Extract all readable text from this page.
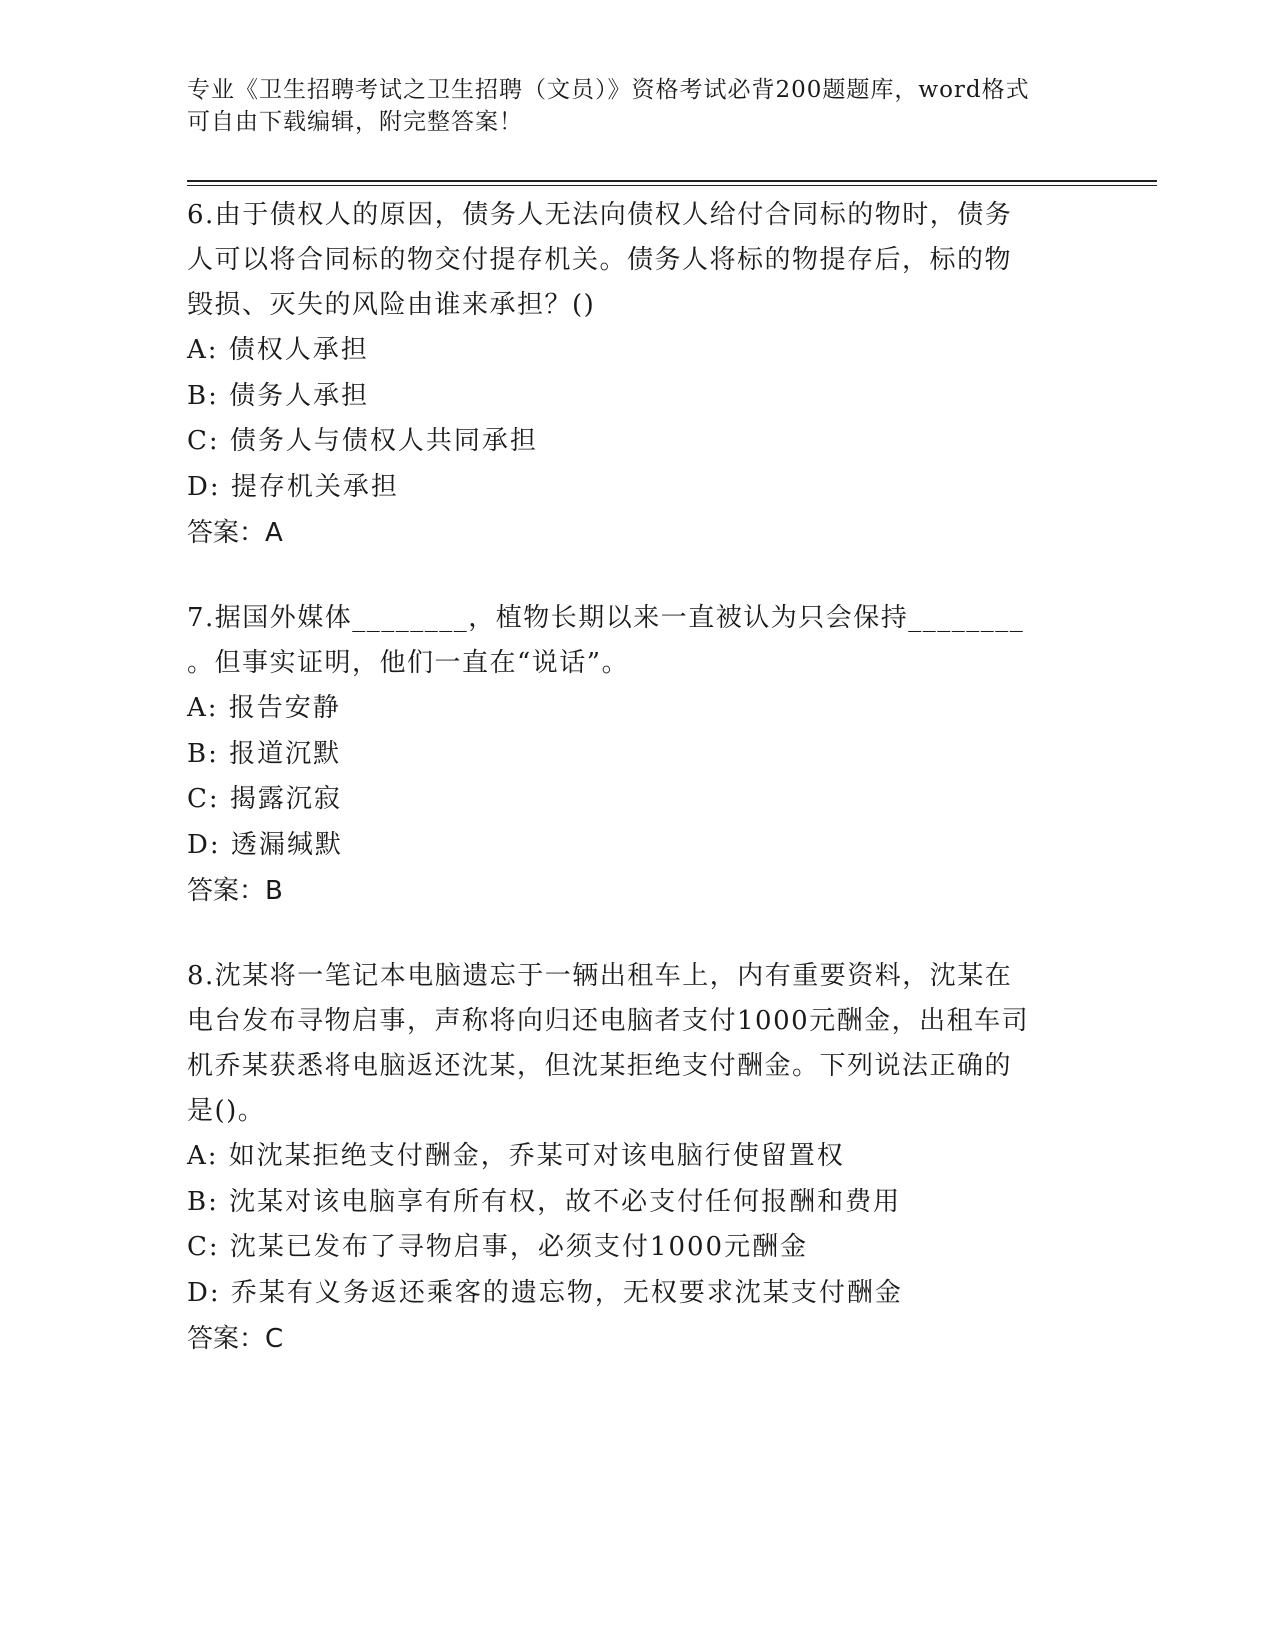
专业《卫生招聘考试之卫生招聘（文员）》资格考试必背200题题库，word格式
可自由下载编辑，附完整答案！
6.由于债权人的原因，债务人无法向债权人给付合同标的物时，债务
人可以将合同标的物交付提存机关。债务人将标的物提存后，标的物
毁损、灭失的风险由谁来承担？()
A: 债权人承担
B: 债务人承担
C: 债务人与债权人共同承担
D: 提存机关承担
答案：A
7.据国外媒体________，植物长期以来一直被认为只会保持________
。但事实证明，他们一直在“说话”。
A: 报告安静
B: 报道沉默
C: 揭露沉寂
D: 透漏缄默
答案：B
8.沈某将一笔记本电脑遗忘于一辆出租车上，内有重要资料，沈某在
电台发布寻物启事，声称将向归还电脑者支付1000元酬金，出租车司
机乔某获悉将电脑返还沈某，但沈某拒绝支付酬金。下列说法正确的
是()。
A: 如沈某拒绝支付酬金，乔某可对该电脑行使留置权
B: 沈某对该电脑享有所有权，故不必支付任何报酬和费用
C: 沈某已发布了寻物启事，必须支付1000元酬金
D: 乔某有义务返还乘客的遗忘物，无权要求沈某支付酬金
答案：C
